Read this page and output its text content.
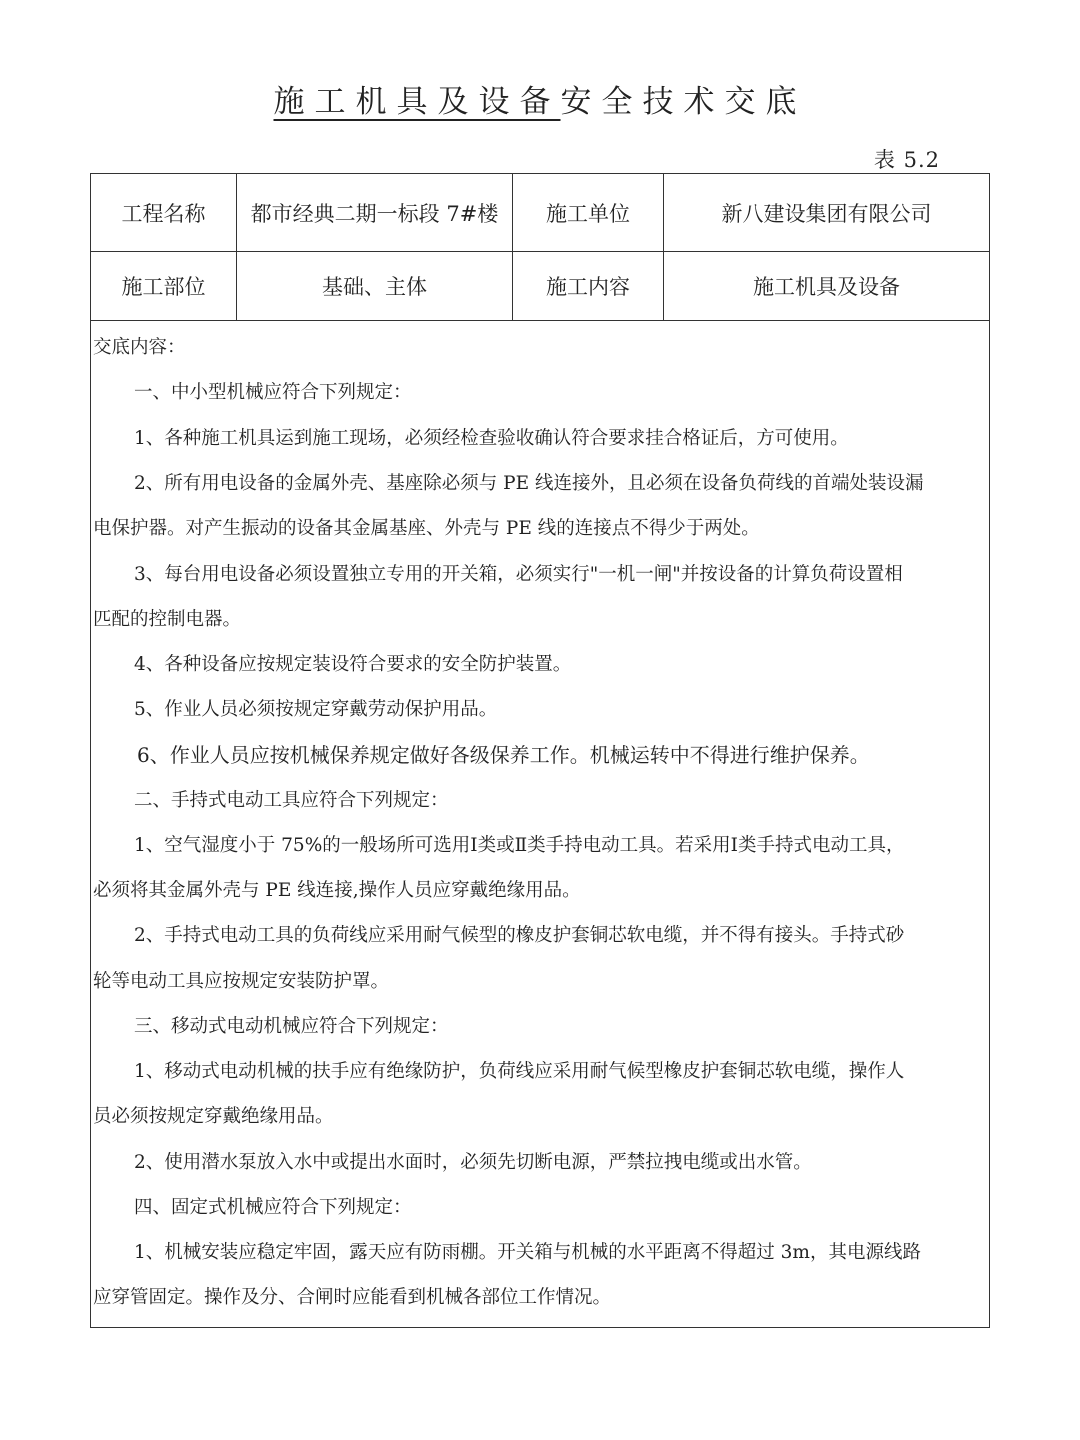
施工机具及设备安全技术交底
表 5.2
工程名称	都市经典二期一标段 7#楼	施工单位	新八建设集团有限公司
施工部位	基础、主体	施工内容	施工机具及设备
交底内容：
一、中小型机械应符合下列规定：
1、各种施工机具运到施工现场，必须经检查验收确认符合要求挂合格证后，方可使用。
2、所有用电设备的金属外壳、基座除必须与 PE 线连接外，且必须在设备负荷线的首端处装设漏
电保护器。对产生振动的设备其金属基座、外壳与 PE 线的连接点不得少于两处。
3、每台用电设备必须设置独立专用的开关箱，必须实行"一机一闸"并按设备的计算负荷设置相
匹配的控制电器。
4、各种设备应按规定装设符合要求的安全防护装置。
5、作业人员必须按规定穿戴劳动保护用品。
6、作业人员应按机械保养规定做好各级保养工作。机械运转中不得进行维护保养。
二、手持式电动工具应符合下列规定：
1、空气湿度小于 75%的一般场所可选用Ⅰ类或Ⅱ类手持电动工具。若采用Ⅰ类手持式电动工具，
必须将其金属外壳与 PE 线连接,操作人员应穿戴绝缘用品。
2、手持式电动工具的负荷线应采用耐气候型的橡皮护套铜芯软电缆，并不得有接头。手持式砂
轮等电动工具应按规定安装防护罩。
三、移动式电动机械应符合下列规定：
1、移动式电动机械的扶手应有绝缘防护，负荷线应采用耐气候型橡皮护套铜芯软电缆，操作人
员必须按规定穿戴绝缘用品。
2、使用潜水泵放入水中或提出水面时，必须先切断电源，严禁拉拽电缆或出水管。
四、固定式机械应符合下列规定：
1、机械安装应稳定牢固，露天应有防雨棚。开关箱与机械的水平距离不得超过 3m，其电源线路
应穿管固定。操作及分、合闸时应能看到机械各部位工作情况。
